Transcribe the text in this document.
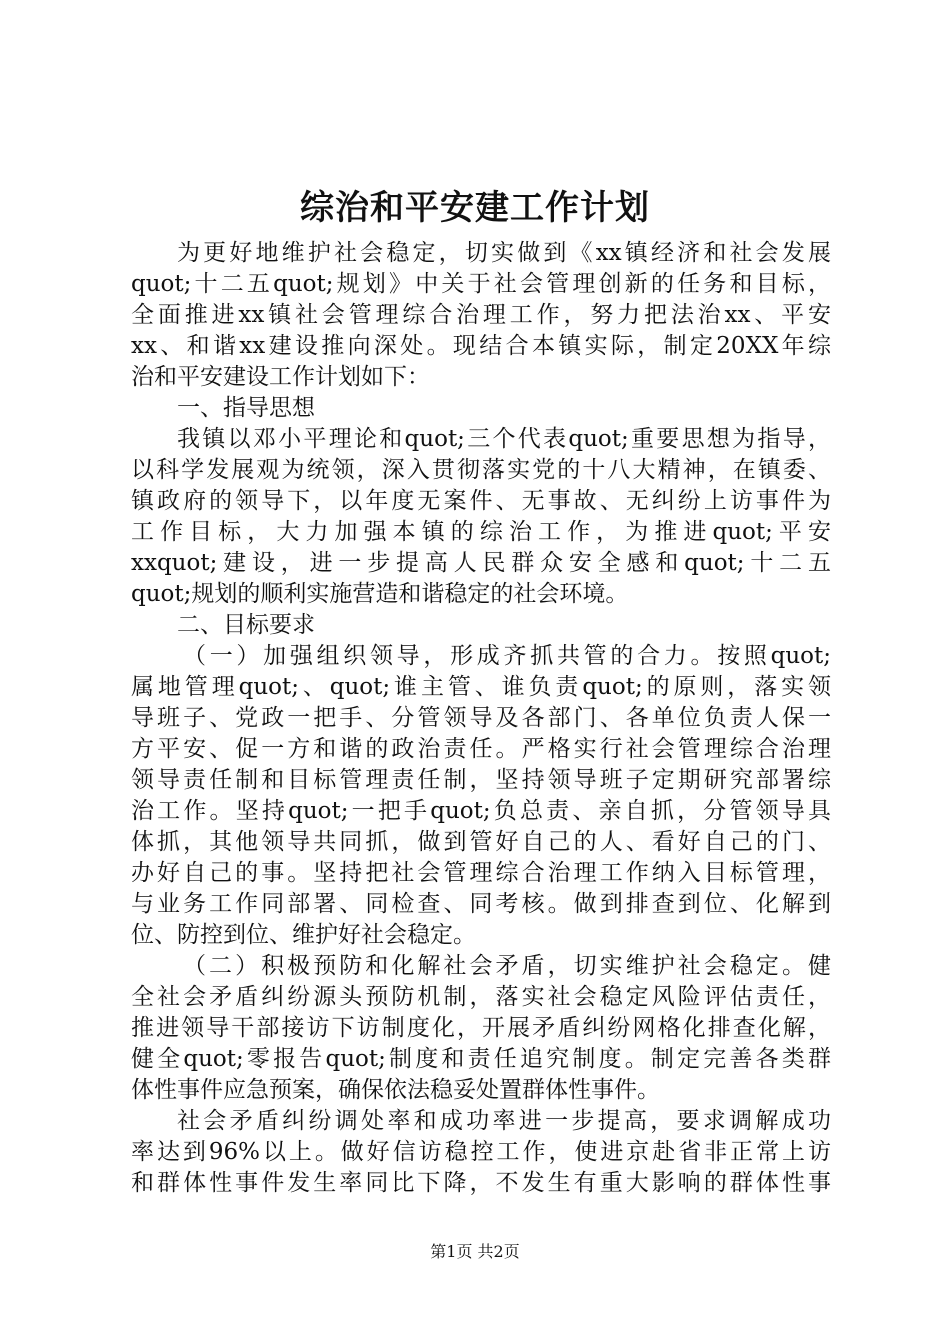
综治和平安建工作计划
为更好地维护社会稳定，切实做到《xx镇经济和社会发展
quot;十二五quot;规划》中关于社会管理创新的任务和目标，
全面推进xx镇社会管理综合治理工作，努力把法治xx、平安
xx、和谐xx建设推向深处。现结合本镇实际，制定20XX年综
治和平安建设工作计划如下：
一、指导思想
我镇以邓小平理论和quot;三个代表quot;重要思想为指导，
以科学发展观为统领，深入贯彻落实党的十八大精神，在镇委、
镇政府的领导下，以年度无案件、无事故、无纠纷上访事件为
工作目标，大力加强本镇的综治工作，为推进quot;平安
xxquot;建设，进一步提高人民群众安全感和quot;十二五
quot;规划的顺利实施营造和谐稳定的社会环境。
二、目标要求
（一）加强组织领导，形成齐抓共管的合力。按照quot;
属地管理quot;、quot;谁主管、谁负责quot;的原则，落实领
导班子、党政一把手、分管领导及各部门、各单位负责人保一
方平安、促一方和谐的政治责任。严格实行社会管理综合治理
领导责任制和目标管理责任制，坚持领导班子定期研究部署综
治工作。坚持quot;一把手quot;负总责、亲自抓，分管领导具
体抓，其他领导共同抓，做到管好自己的人、看好自己的门、
办好自己的事。坚持把社会管理综合治理工作纳入目标管理，
与业务工作同部署、同检查、同考核。做到排查到位、化解到
位、防控到位、维护好社会稳定。
（二）积极预防和化解社会矛盾，切实维护社会稳定。健
全社会矛盾纠纷源头预防机制，落实社会稳定风险评估责任，
推进领导干部接访下访制度化，开展矛盾纠纷网格化排查化解，
健全quot;零报告quot;制度和责任追究制度。制定完善各类群
体性事件应急预案，确保依法稳妥处置群体性事件。
社会矛盾纠纷调处率和成功率进一步提高，要求调解成功
率达到96%以上。做好信访稳控工作，使进京赴省非正常上访
和群体性事件发生率同比下降，不发生有重大影响的群体性事
第1页 共2页
